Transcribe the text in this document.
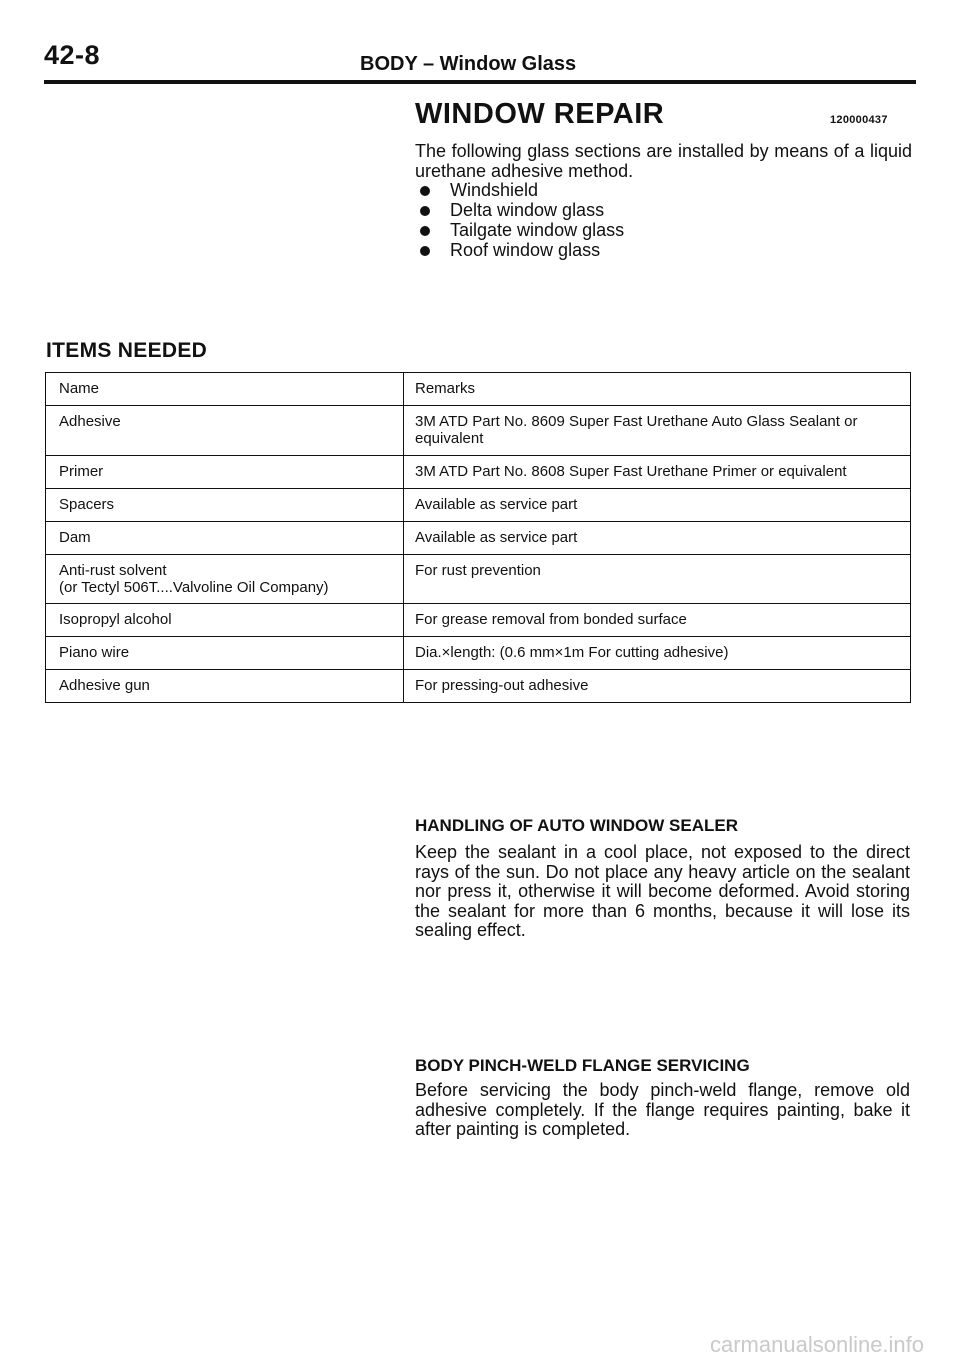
42-8	BODY – Window Glass
WINDOW REPAIR	120000437
The following glass sections are installed by means of a liquid urethane adhesive method.
Windshield
Delta window glass
Tailgate window glass
Roof window glass
ITEMS NEEDED
Name	Remarks
Adhesive	3M ATD Part No. 8609 Super Fast Urethane Auto Glass Sealant or equivalent
Primer	3M ATD Part No. 8608 Super Fast Urethane Primer or equivalent
Spacers	Available as service part
Dam	Available as service part
Anti-rust solvent
(or Tectyl 506T....Valvoline Oil Company)	For rust prevention
Isopropyl alcohol	For grease removal from bonded surface
Piano wire	Dia.×length: (0.6 mm×1m For cutting adhesive)
Adhesive gun	For pressing-out adhesive
HANDLING OF AUTO WINDOW SEALER
Keep the sealant in a cool place, not exposed to the direct rays of the sun. Do not place any heavy article on the sealant nor press it, otherwise it will become deformed. Avoid storing the sealant for more than 6 months, because it will lose its sealing effect.
BODY PINCH-WELD FLANGE SERVICING
Before servicing the body pinch-weld flange, remove old adhesive completely. If the flange requires painting, bake it after painting is completed.
carmanualsonline.info
